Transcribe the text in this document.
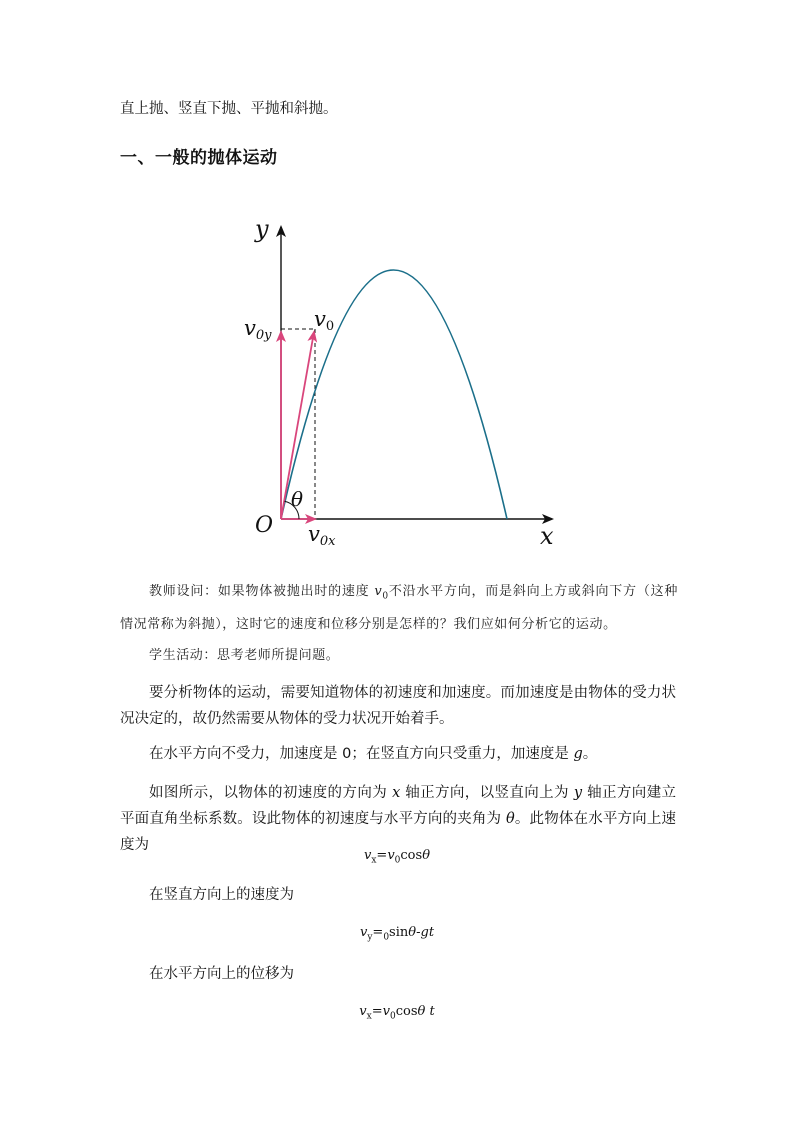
直上抛、竖直下抛、平抛和斜抛。
一、一般的抛体运动
y
x
O
θ
v0
v0y
v0x
教师设问：如果物体被抛出时的速度 $v_0$不沿水平方向，而是斜向上方或斜向下方（这种情况常称为斜抛），这时它的速度和位移分别是怎样的？我们应如何分析它的运动。
学生活动：思考老师所提问题。
要分析物体的运动，需要知道物体的初速度和加速度。而加速度是由物体的受力状况决定的，故仍然需要从物体的受力状况开始着手。
在水平方向不受力，加速度是 0；在竖直方向只受重力，加速度是 g。
如图所示，以物体的初速度的方向为 x 轴正方向，以竖直向上为 y 轴正方向建立平面直角坐标系数。设此物体的初速度与水平方向的夹角为 θ。此物体在水平方向上速度为
$v_x=v_0\cos\theta$
在竖直方向上的速度为
$v_y=_0\sin\theta-gt$
在水平方向上的位移为
$v_x=v_0\cos\theta$ t
